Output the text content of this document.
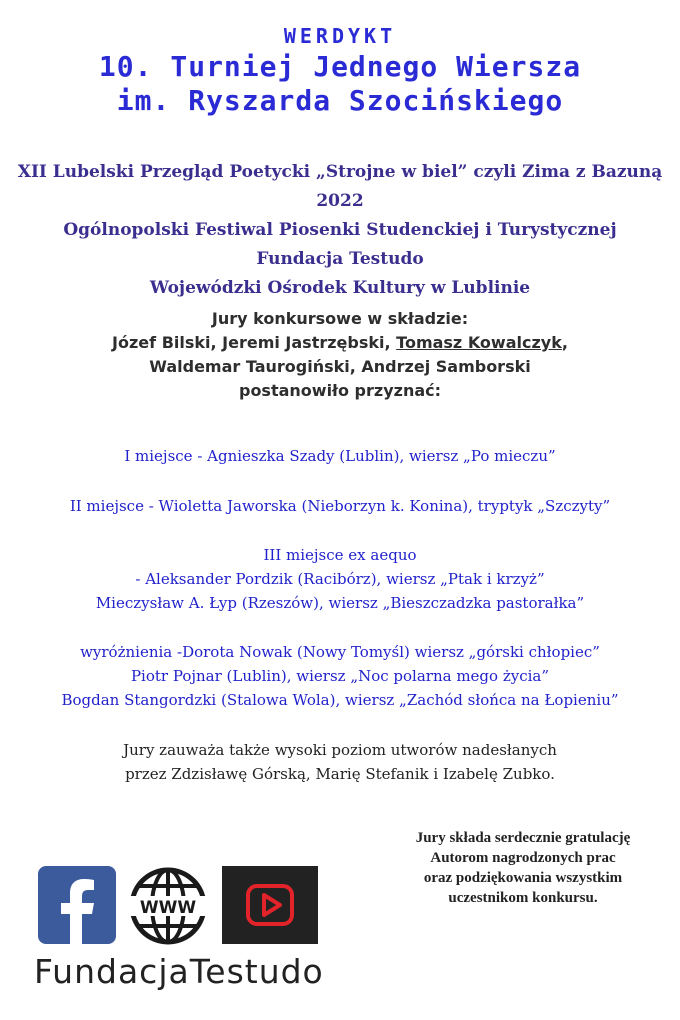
WERDYKT
10. Turniej Jednego Wiersza
im. Ryszarda Szocińskiego
XII Lubelski Przegląd Poetycki „Strojne w biel” czyli Zima z Bazuną 2022
Ogólnopolski Festiwal Piosenki Studenckiej i Turystycznej
Fundacja Testudo
Wojewódzki Ośrodek Kultury w Lublinie
Jury konkursowe w składzie:
Józef Bilski, Jeremi Jastrzębski, Tomasz Kowalczyk,
Waldemar Taurogiński, Andrzej Samborski
postanowiło przyznać:
I miejsce - Agnieszka Szady (Lublin), wiersz „Po mieczu”
II miejsce - Wioletta Jaworska (Nieborzyn k. Konina), tryptyk „Szczyty”
III miejsce ex aequo
- Aleksander Pordzik (Racibórz), wiersz „Ptak i krzyż”
Mieczysław A. Łyp (Rzeszów), wiersz „Bieszczadzka pastorałka”
wyróżnienia -Dorota Nowak (Nowy Tomyśl) wiersz „górski chłopiec”
Piotr Pojnar (Lublin), wiersz „Noc polarna mego życia”
Bogdan Stangordzki (Stalowa Wola), wiersz „Zachód słońca na Łopieniu”
Jury zauważa także wysoki poziom utworów nadesłanych
przez Zdzisławę Górską, Marię Stefanik i Izabelę Zubko.
Jury składa serdecznie gratulację
Autorom nagrodzonych prac
oraz podziękowania wszystkim
uczestnikom konkursu.
WWW
FundacjaTestudo
